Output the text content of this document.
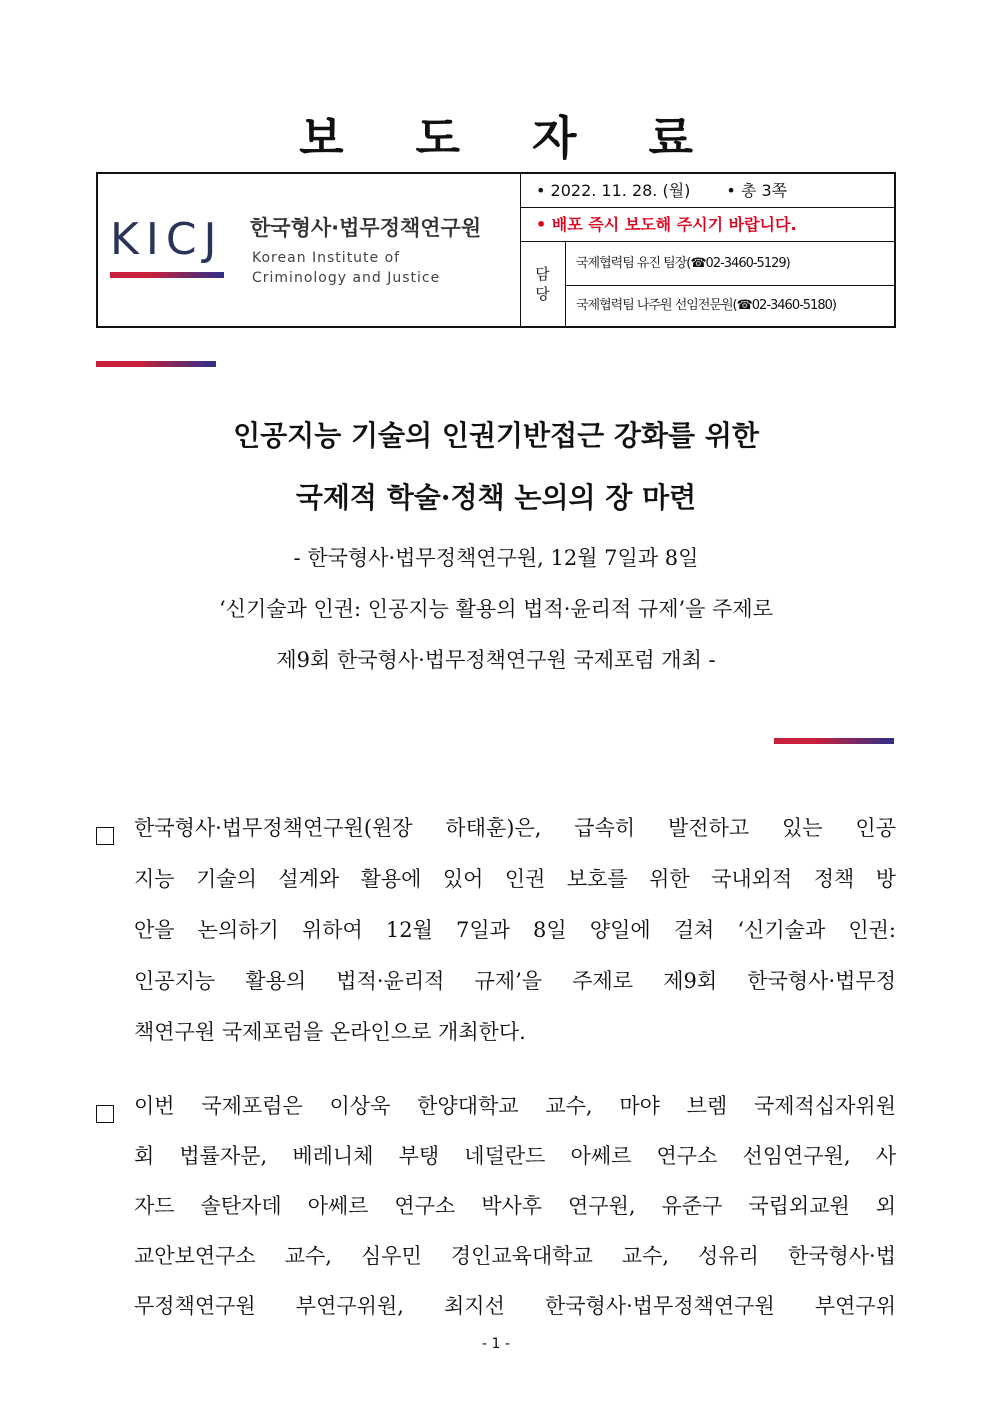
보 도 자 료
KICJ 한국형사·법무정책연구원
Korean Institute of
Criminology and Justice
• 2022. 11. 28. (월) • 총 3쪽
• 배포 즉시 보도해 주시기 바랍니다.
담
당
국제협력팀 유진 팀장(☎02-3460-5129)
국제협력팀 나주원 선임전문원(☎02-3460-5180)
인공지능 기술의 인권기반접근 강화를 위한
국제적 학술·정책 논의의 장 마련
- 한국형사·법무정책연구원, 12월 7일과 8일
‘신기술과 인권: 인공지능 활용의 법적·윤리적 규제’을 주제로
제9회 한국형사·법무정책연구원 국제포럼 개최 -
한국형사·법무정책연구원(원장 하태훈)은, 급속히 발전하고 있는 인공
지능 기술의 설계와 활용에 있어 인권 보호를 위한 국내외적 정책 방
안을 논의하기 위하여 12월 7일과 8일 양일에 걸쳐 ‘신기술과 인권:
인공지능 활용의 법적·윤리적 규제’을 주제로 제9회 한국형사·법무정
책연구원 국제포럼을 온라인으로 개최한다.
이번 국제포럼은 이상욱 한양대학교 교수, 마야 브렘 국제적십자위원
회 법률자문, 베레니체 부탱 네덜란드 아쎄르 연구소 선임연구원, 사
자드 솔탄자데 아쎄르 연구소 박사후 연구원, 유준구 국립외교원 외
교안보연구소 교수, 심우민 경인교육대학교 교수, 성유리 한국형사·법
무정책연구원 부연구위원, 최지선 한국형사·법무정책연구원 부연구위
- 1 -
